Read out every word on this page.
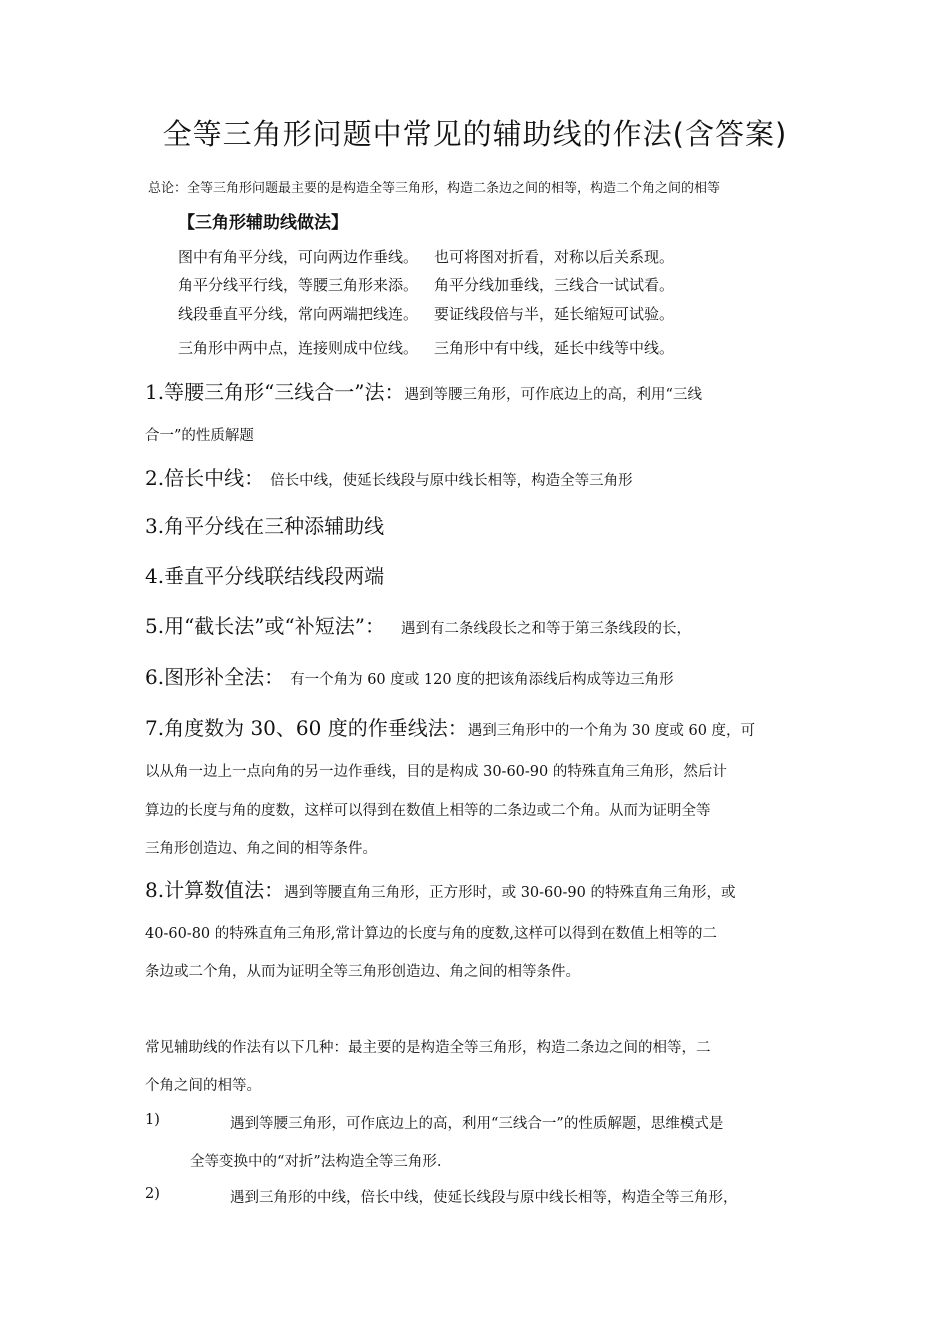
全等三角形问题中常见的辅助线的作法(含答案)
总论：全等三角形问题最主要的是构造全等三角形，构造二条边之间的相等，构造二个角之间的相等
【三角形辅助线做法】
图中有角平分线，可向两边作垂线。 也可将图对折看，对称以后关系现。
角平分线平行线，等腰三角形来添。 角平分线加垂线，三线合一试试看。
线段垂直平分线，常向两端把线连。 要证线段倍与半，延长缩短可试验。
三角形中两中点，连接则成中位线。 三角形中有中线，延长中线等中线。
1.等腰三角形“三线合一”法：遇到等腰三角形，可作底边上的高，利用“三线
合一”的性质解题
2.倍长中线： 倍长中线，使延长线段与原中线长相等，构造全等三角形
3.角平分线在三种添辅助线
4.垂直平分线联结线段两端
5.用“截长法”或“补短法”： 遇到有二条线段长之和等于第三条线段的长，
6.图形补全法： 有一个角为 60 度或 120 度的把该角添线后构成等边三角形
7.角度数为 30、60 度的作垂线法：遇到三角形中的一个角为 30 度或 60 度，可
以从角一边上一点向角的另一边作垂线，目的是构成 30-60-90 的特殊直角三角形，然后计
算边的长度与角的度数，这样可以得到在数值上相等的二条边或二个角。从而为证明全等
三角形创造边、角之间的相等条件。
8.计算数值法：遇到等腰直角三角形，正方形时，或 30-60-90 的特殊直角三角形，或
40-60-80 的特殊直角三角形,常计算边的长度与角的度数,这样可以得到在数值上相等的二
条边或二个角，从而为证明全等三角形创造边、角之间的相等条件。
常见辅助线的作法有以下几种：最主要的是构造全等三角形，构造二条边之间的相等，二
个角之间的相等。
1)	遇到等腰三角形，可作底边上的高，利用“三线合一”的性质解题，思维模式是
全等变换中的“对折”法构造全等三角形.
2)	遇到三角形的中线，倍长中线，使延长线段与原中线长相等，构造全等三角形，
